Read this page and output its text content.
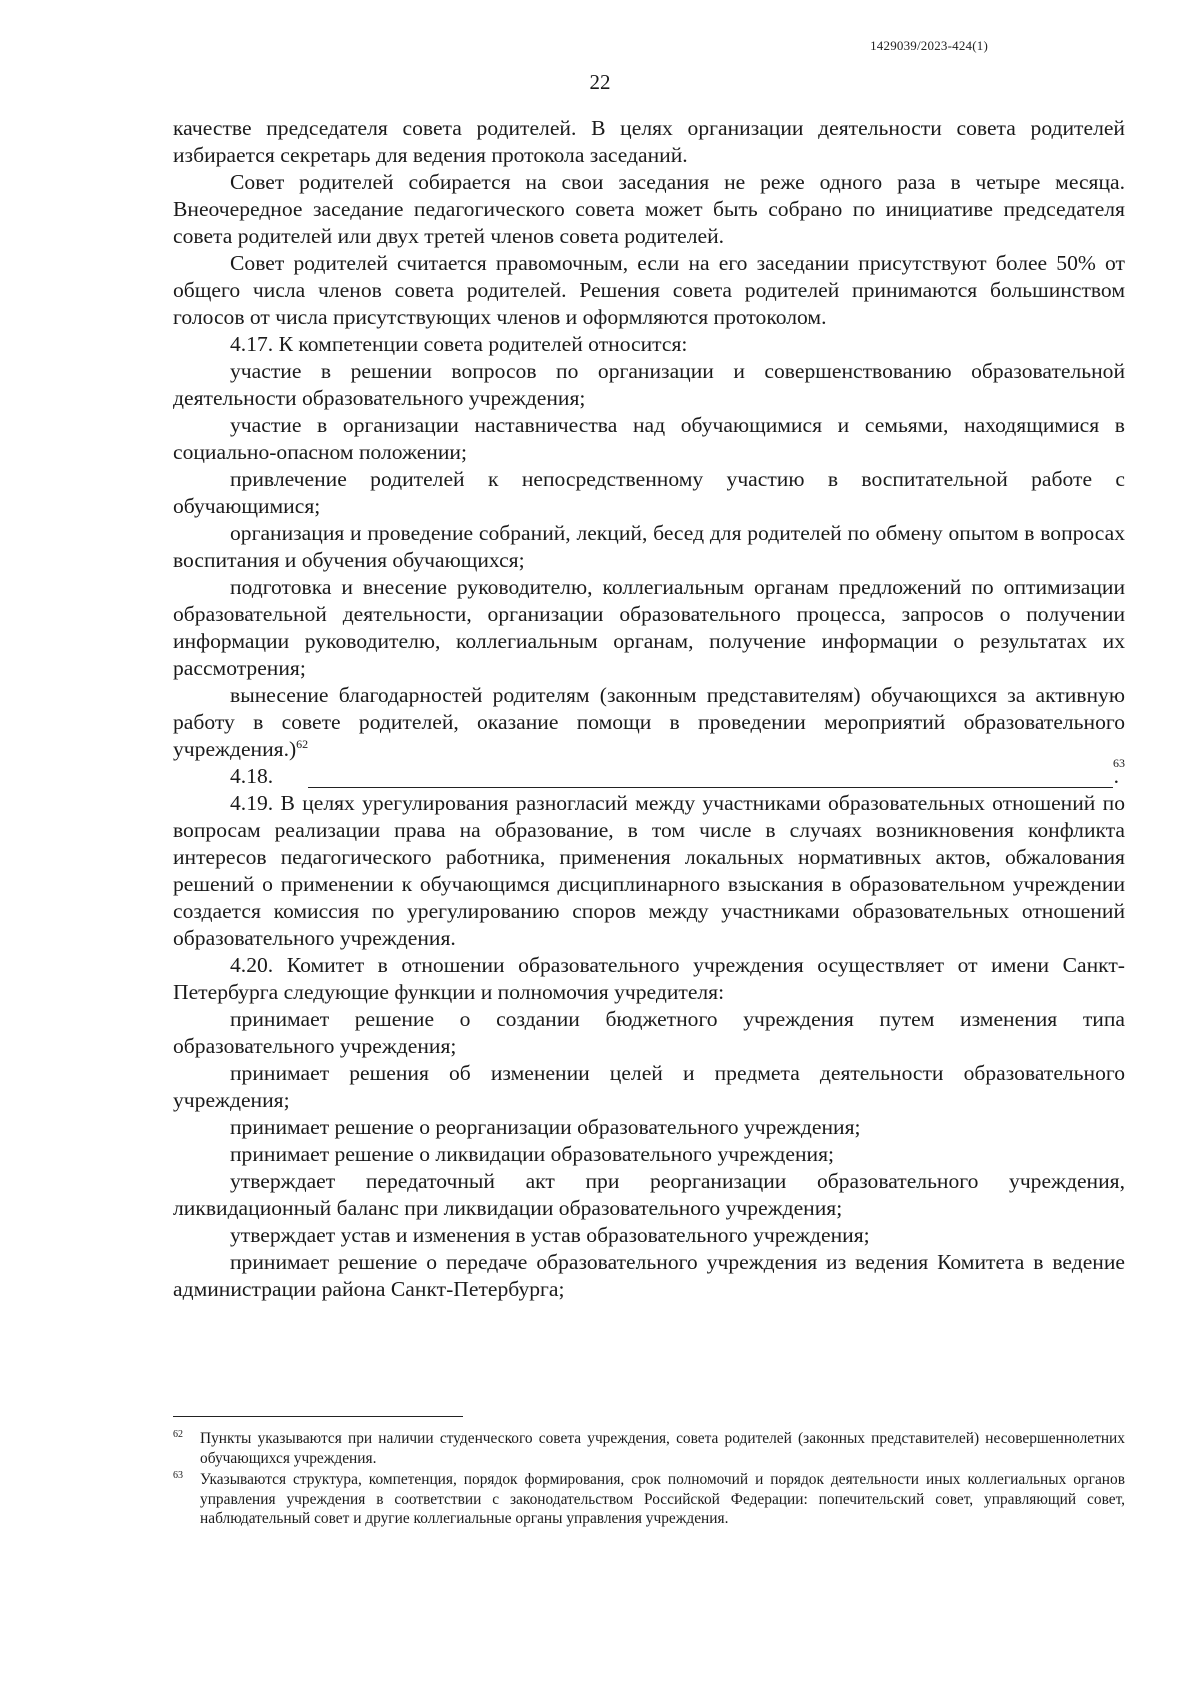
1429039/2023-424(1)
22

качестве председателя совета родителей. В целях организации деятельности совета родителей избирается секретарь для ведения протокола заседаний.

Совет родителей собирается на свои заседания не реже одного раза в четыре месяца. Внеочередное заседание педагогического совета может быть собрано по инициативе председателя совета родителей или двух третей членов совета родителей.

Совет родителей считается правомочным, если на его заседании присутствуют более 50% от общего числа членов совета родителей. Решения совета родителей принимаются большинством голосов от числа присутствующих членов и оформляются протоколом.

4.17. К компетенции совета родителей относится:

участие в решении вопросов по организации и совершенствованию образовательной деятельности образовательного учреждения;

участие в организации наставничества над обучающимися и семьями, находящимися в социально-опасном положении;

привлечение родителей к непосредственному участию в воспитательной работе с обучающимися;

организация и проведение собраний, лекций, бесед для родителей по обмену опытом в вопросах воспитания и обучения обучающихся;

подготовка и внесение руководителю, коллегиальным органам предложений по оптимизации образовательной деятельности, организации образовательного процесса, запросов о получении информации руководителю, коллегиальным органам, получение информации о результатах их рассмотрения;

вынесение благодарностей родителям (законным представителям) обучающихся за активную работу в совете родителей, оказание помощи в проведении мероприятий образовательного учреждения.)$^{62}$

4.18.	.
63

4.19. В целях урегулирования разногласий между участниками образовательных отношений по вопросам реализации права на образование, в том числе в случаях возникновения конфликта интересов педагогического работника, применения локальных нормативных актов, обжалования решений о применении к обучающимся дисциплинарного взыскания в образовательном учреждении создается комиссия по урегулированию споров между участниками образовательных отношений образовательного учреждения.

4.20. Комитет в отношении образовательного учреждения осуществляет от имени Санкт-Петербурга следующие функции и полномочия учредителя:

принимает решение о создании бюджетного учреждения путем изменения типа образовательного учреждения;

принимает решения об изменении целей и предмета деятельности образовательного учреждения;

принимает решение о реорганизации образовательного учреждения;

принимает решение о ликвидации образовательного учреждения;

утверждает передаточный акт при реорганизации образовательного учреждения, ликвидационный баланс при ликвидации образовательного учреждения;

утверждает устав и изменения в устав образовательного учреждения;

принимает решение о передаче образовательного учреждения из ведения Комитета в ведение администрации района Санкт-Петербурга;

62 Пункты указываются при наличии студенческого совета учреждения, совета родителей (законных представителей) несовершеннолетних обучающихся учреждения.
63 Указываются структура, компетенция, порядок формирования, срок полномочий и порядок деятельности иных коллегиальных органов управления учреждения в соответствии с законодательством Российской Федерации: попечительский совет, управляющий совет, наблюдательный совет и другие коллегиальные органы управления учреждения.
